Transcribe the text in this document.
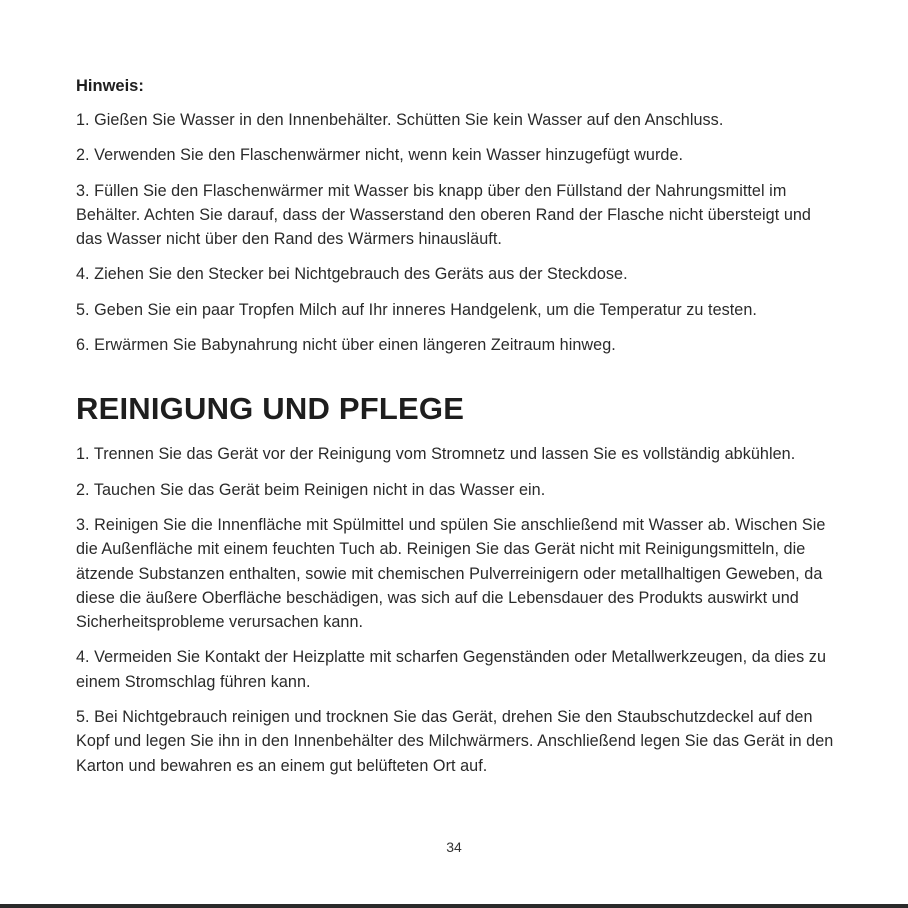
Hinweis:

1. Gießen Sie Wasser in den Innenbehälter. Schütten Sie kein Wasser auf den Anschluss.

2. Verwenden Sie den Flaschenwärmer nicht, wenn kein Wasser hinzugefügt wurde.

3. Füllen Sie den Flaschenwärmer mit Wasser bis knapp über den Füllstand der Nahrungsmittel im Behälter. Achten Sie darauf, dass der Wasserstand den oberen Rand der Flasche nicht übersteigt und das Wasser nicht über den Rand des Wärmers hinausläuft.

4. Ziehen Sie den Stecker bei Nichtgebrauch des Geräts aus der Steckdose.

5. Geben Sie ein paar Tropfen Milch auf Ihr inneres Handgelenk, um die Temperatur zu testen.

6. Erwärmen Sie Babynahrung nicht über einen längeren Zeitraum hinweg.

REINIGUNG UND PFLEGE

1. Trennen Sie das Gerät vor der Reinigung vom Stromnetz und lassen Sie es vollständig abkühlen.

2. Tauchen Sie das Gerät beim Reinigen nicht in das Wasser ein.

3. Reinigen Sie die Innenfläche mit Spülmittel und spülen Sie anschließend mit Wasser ab. Wischen Sie die Außenfläche mit einem feuchten Tuch ab. Reinigen Sie das Gerät nicht mit Reinigungsmitteln, die ätzende Substanzen enthalten, sowie mit chemischen Pulverreinigern oder metallhaltigen Geweben, da diese die äußere Oberfläche beschädigen, was sich auf die Lebensdauer des Produkts auswirkt und Sicherheitsprobleme verursachen kann.

4. Vermeiden Sie Kontakt der Heizplatte mit scharfen Gegenständen oder Metallwerkzeugen, da dies zu einem Stromschlag führen kann.

5. Bei Nichtgebrauch reinigen und trocknen Sie das Gerät, drehen Sie den Staubschutzdeckel auf den Kopf und legen Sie ihn in den Innenbehälter des Milchwärmers. Anschließend legen Sie das Gerät in den Karton und bewahren es an einem gut belüfteten Ort auf.

34
